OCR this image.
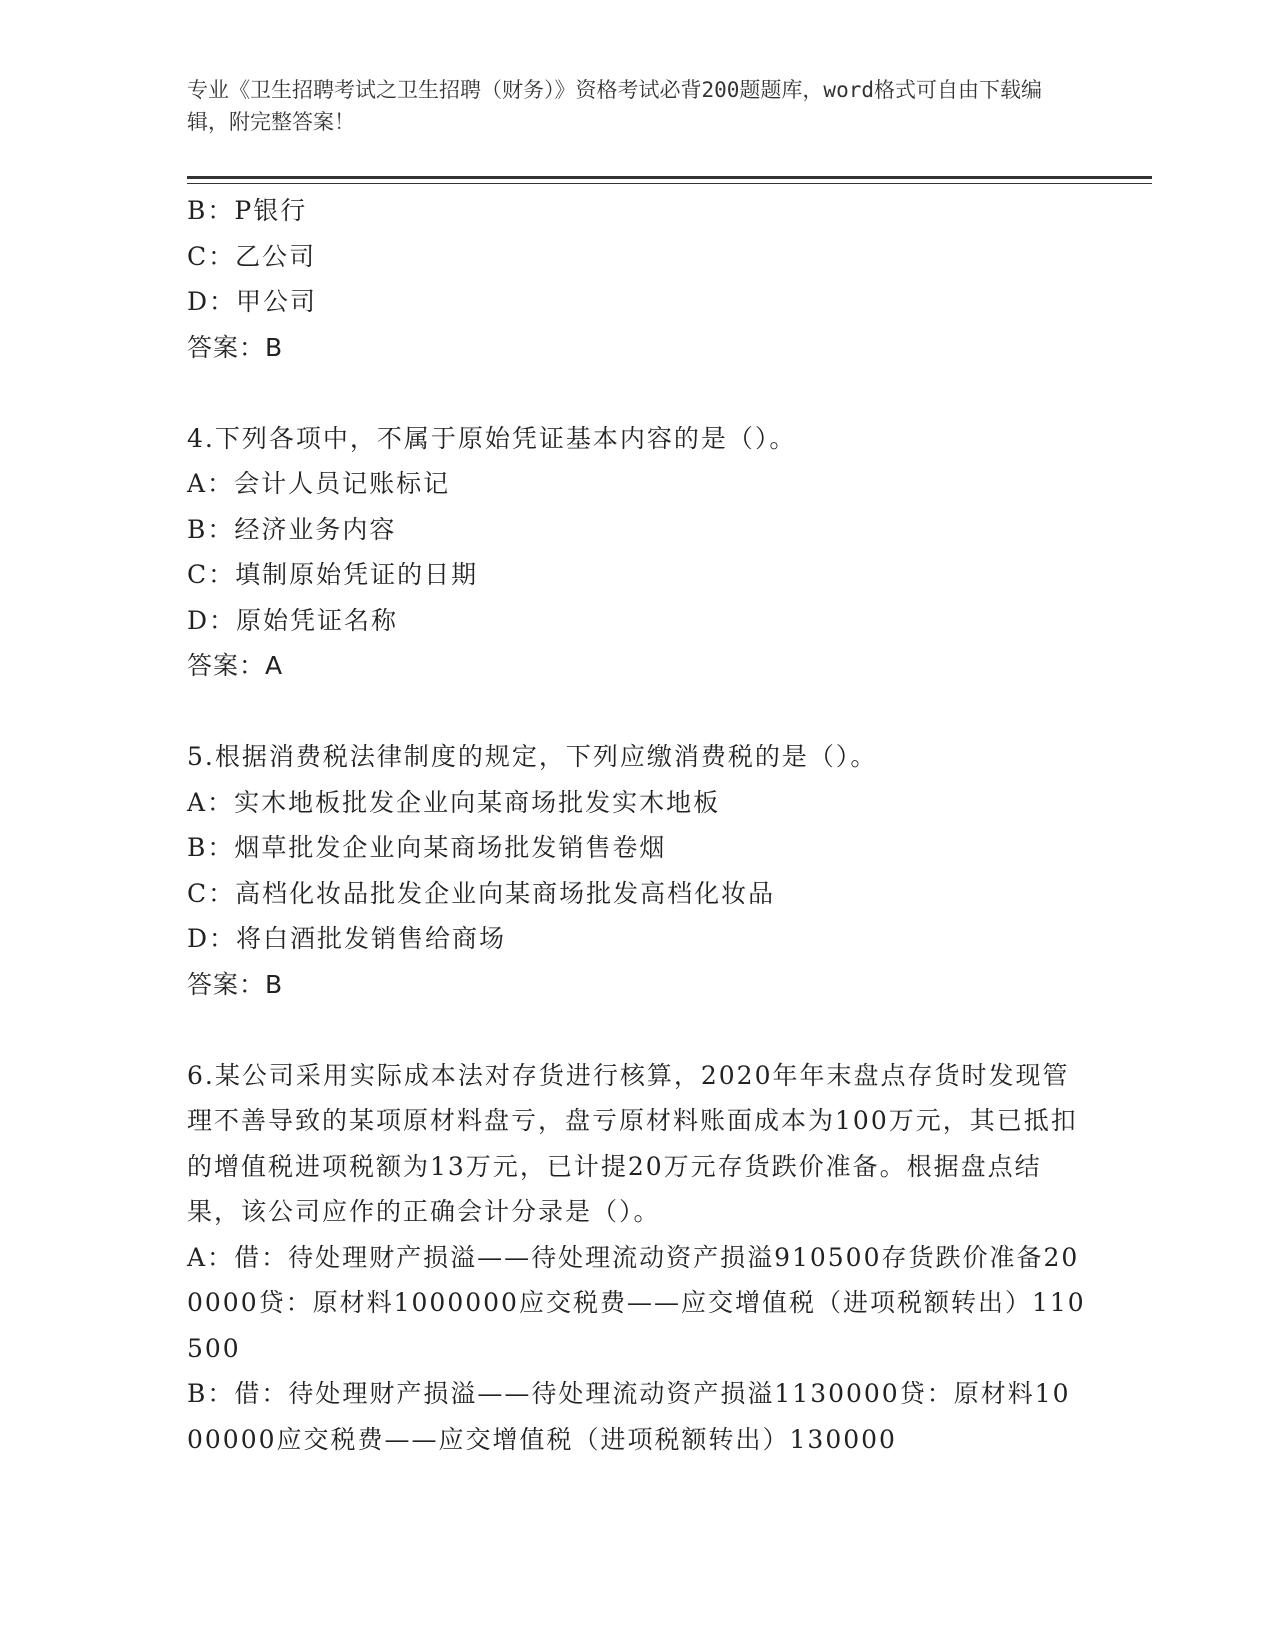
专业《卫生招聘考试之卫生招聘（财务）》资格考试必背200题题库，word格式可自由下载编辑，附完整答案！

B：P银行

C：乙公司

D：甲公司

答案：B

4.下列各项中，不属于原始凭证基本内容的是（）。

A：会计人员记账标记

B：经济业务内容

C：填制原始凭证的日期

D：原始凭证名称

答案：A

5.根据消费税法律制度的规定，下列应缴消费税的是（）。

A：实木地板批发企业向某商场批发实木地板

B：烟草批发企业向某商场批发销售卷烟

C：高档化妆品批发企业向某商场批发高档化妆品

D：将白酒批发销售给商场

答案：B

6.某公司采用实际成本法对存货进行核算，2020年年末盘点存货时发现管理不善导致的某项原材料盘亏，盘亏原材料账面成本为100万元，其已抵扣的增值税进项税额为13万元，已计提20万元存货跌价准备。根据盘点结果，该公司应作的正确会计分录是（）。

A：借：待处理财产损溢——待处理流动资产损溢910500存货跌价准备200000贷：原材料1000000应交税费——应交增值税（进项税额转出）110500

B：借：待处理财产损溢——待处理流动资产损溢1130000贷：原材料1000000应交税费——应交增值税（进项税额转出）130000
